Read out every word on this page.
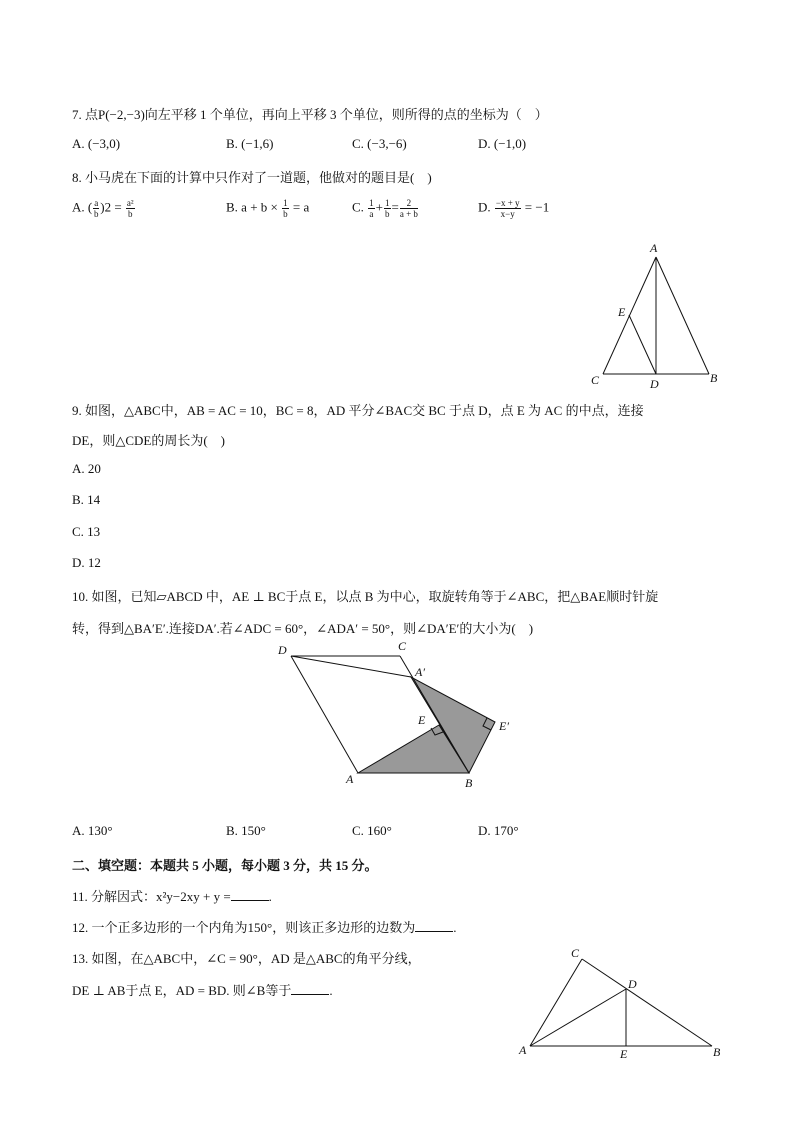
7. 点P(−2,−3)向左平移 1 个单位，再向上平移 3 个单位，则所得的点的坐标为（　）
A. (−3,0)	B. (−1,6)	C. (−3,−6)	D. (−1,0)
8. 小马虎在下面的计算中只作对了一道题，他做对的题目是(　)
A. ( $\frac{a}{b} )2 = \frac{\text{a²}}{b}$	B. $a + b \times \frac{1}{b} = a$	C. $\frac{1}{a} + \frac{1}{b} = \frac{2}{a + b}$	D. $\frac{-x + y}{x-y} = -1$
A
E
C	D	B
9. 如图，△ABC中，AB = AC = 10，BC = 8，AD 平分∠BAC交 BC 于点 D，点 E 为 AC 的中点，连接
DE，则△CDE的周长为(　)
A. 20
B. 14
C. 13
D. 12
10. 如图，已知▱ABCD 中，AE ⊥ BC于点 E，以点 B 为中心，取旋转角等于∠ABC，把△BAE顺时针旋
转，得到△BA′E′.连接DA′.若∠ADC = 60°，∠ADA′ = 50°，则∠DA′E′的大小为(　)
D	C
A′
E	E′
A	B
A. 130°	B. 150°	C. 160°	D. 170°
二、填空题：本题共 5 小题，每小题 3 分，共 15 分。
11. 分解因式：x²y−2xy + y =	.
12. 一个正多边形的一个内角为150°，则该正多边形的边数为	.
13. 如图，在△ABC中，∠C = 90°，AD 是△ABC的角平分线，
DE ⊥ AB于点 E，AD = BD. 则∠B等于	.
C
D
A	E	B
